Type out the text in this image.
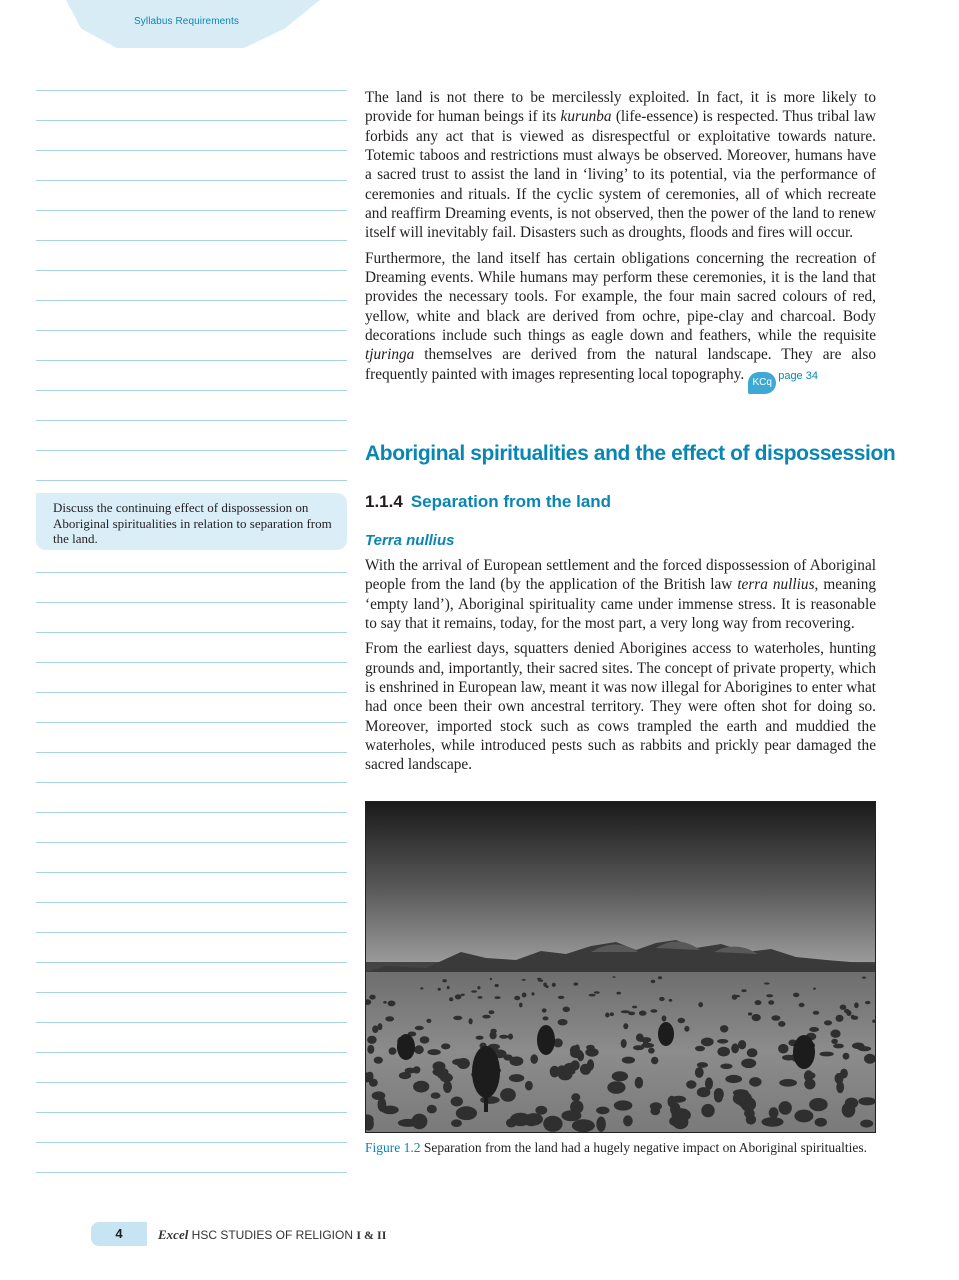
Syllabus Requirements
Discuss the continuing effect of dispossession on Aboriginal spiritualities in relation to separation from the land.

The land is not there to be mercilessly exploited. In fact, it is more likely to provide for human beings if its kurunba (life-essence) is respected. Thus tribal law forbids any act that is viewed as disrespectful or exploitative towards nature. Totemic taboos and restrictions must always be observed. Moreover, humans have a sacred trust to assist the land in ‘living’ to its potential, via the performance of ceremonies and rituals. If the cyclic system of ceremonies, all of which recreate and reaffirm Dreaming events, is not observed, then the power of the land to renew itself will inevitably fail. Disasters such as droughts, floods and fires will occur.

Furthermore, the land itself has certain obligations concerning the recreation of Dreaming events. While humans may perform these ceremonies, it is the land that provides the necessary tools. For example, the four main sacred colours of red, yellow, white and black are derived from ochre, pipe-clay and charcoal. Body decorations include such things as eagle down and feathers, while the requisite tjuringa themselves are derived from the natural landscape. They are also frequently painted with images representing local topography. KCqpage 34

Aboriginal spiritualities and the effect of dispossession
1.1.4 Separation from the land
Terra nullius

With the arrival of European settlement and the forced dispossession of Aboriginal people from the land (by the application of the British law terra nullius, meaning ‘empty land’), Aboriginal spirituality came under immense stress. It is reasonable to say that it remains, today, for the most part, a very long way from recovering.

From the earliest days, squatters denied Aborigines access to waterholes, hunting grounds and, importantly, their sacred sites. The concept of private property, which is enshrined in European law, meant it was now illegal for Aborigines to enter what had once been their own ancestral territory. They were often shot for doing so. Moreover, imported stock such as cows trampled the earth and muddied the waterholes, while introduced pests such as rabbits and prickly pear damaged the sacred landscape.

Figure 1.2 Separation from the land had a hugely negative impact on Aboriginal spiritualties.

4	Excel HSC STUDIES OF RELIGION I & II
